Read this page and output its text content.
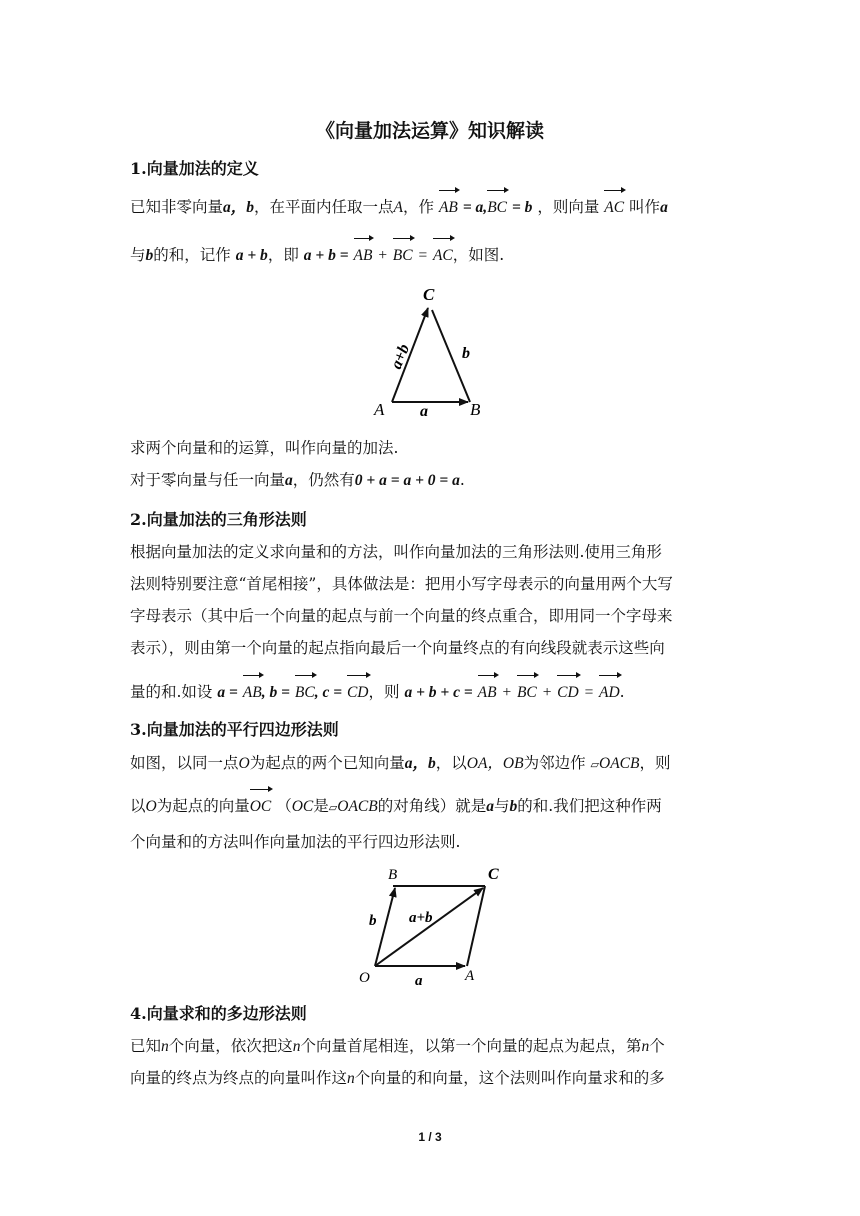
《向量加法运算》知识解读
1.向量加法的定义
已知非零向量a，b，在平面内任取一点A，作 AB = a,BC = b ，则向量 AC 叫作a
与b的和，记作 a + b，即 a + b = AB + BC = AC，如图.
C
A	B
b
a
a+b
求两个向量和的运算，叫作向量的加法.
对于零向量与任一向量a，仍然有0 + a = a + 0 = a.
2.向量加法的三角形法则
根据向量加法的定义求向量和的方法，叫作向量加法的三角形法则.使用三角形
法则特别要注意“首尾相接”，具体做法是：把用小写字母表示的向量用两个大写
字母表示（其中后一个向量的起点与前一个向量的终点重合，即用同一个字母来
表示），则由第一个向量的起点指向最后一个向量终点的有向线段就表示这些向
量的和.如设 a = AB, b = BC, c = CD，则 a + b + c = AB + BC + CD = AD.
3.向量加法的平行四边形法则
如图，以同一点O为起点的两个已知向量a，b，以OA，OB为邻边作 ▱OACB，则
以O为起点的向量OC （OC是▱OACB的对角线）就是a与b的和.我们把这种作两
个向量和的方法叫作向量加法的平行四边形法则.
B	C
O	A
b a+b
a
4.向量求和的多边形法则
已知n个向量，依次把这n个向量首尾相连，以第一个向量的起点为起点，第n个
向量的终点为终点的向量叫作这n个向量的和向量，这个法则叫作向量求和的多
1 / 3
